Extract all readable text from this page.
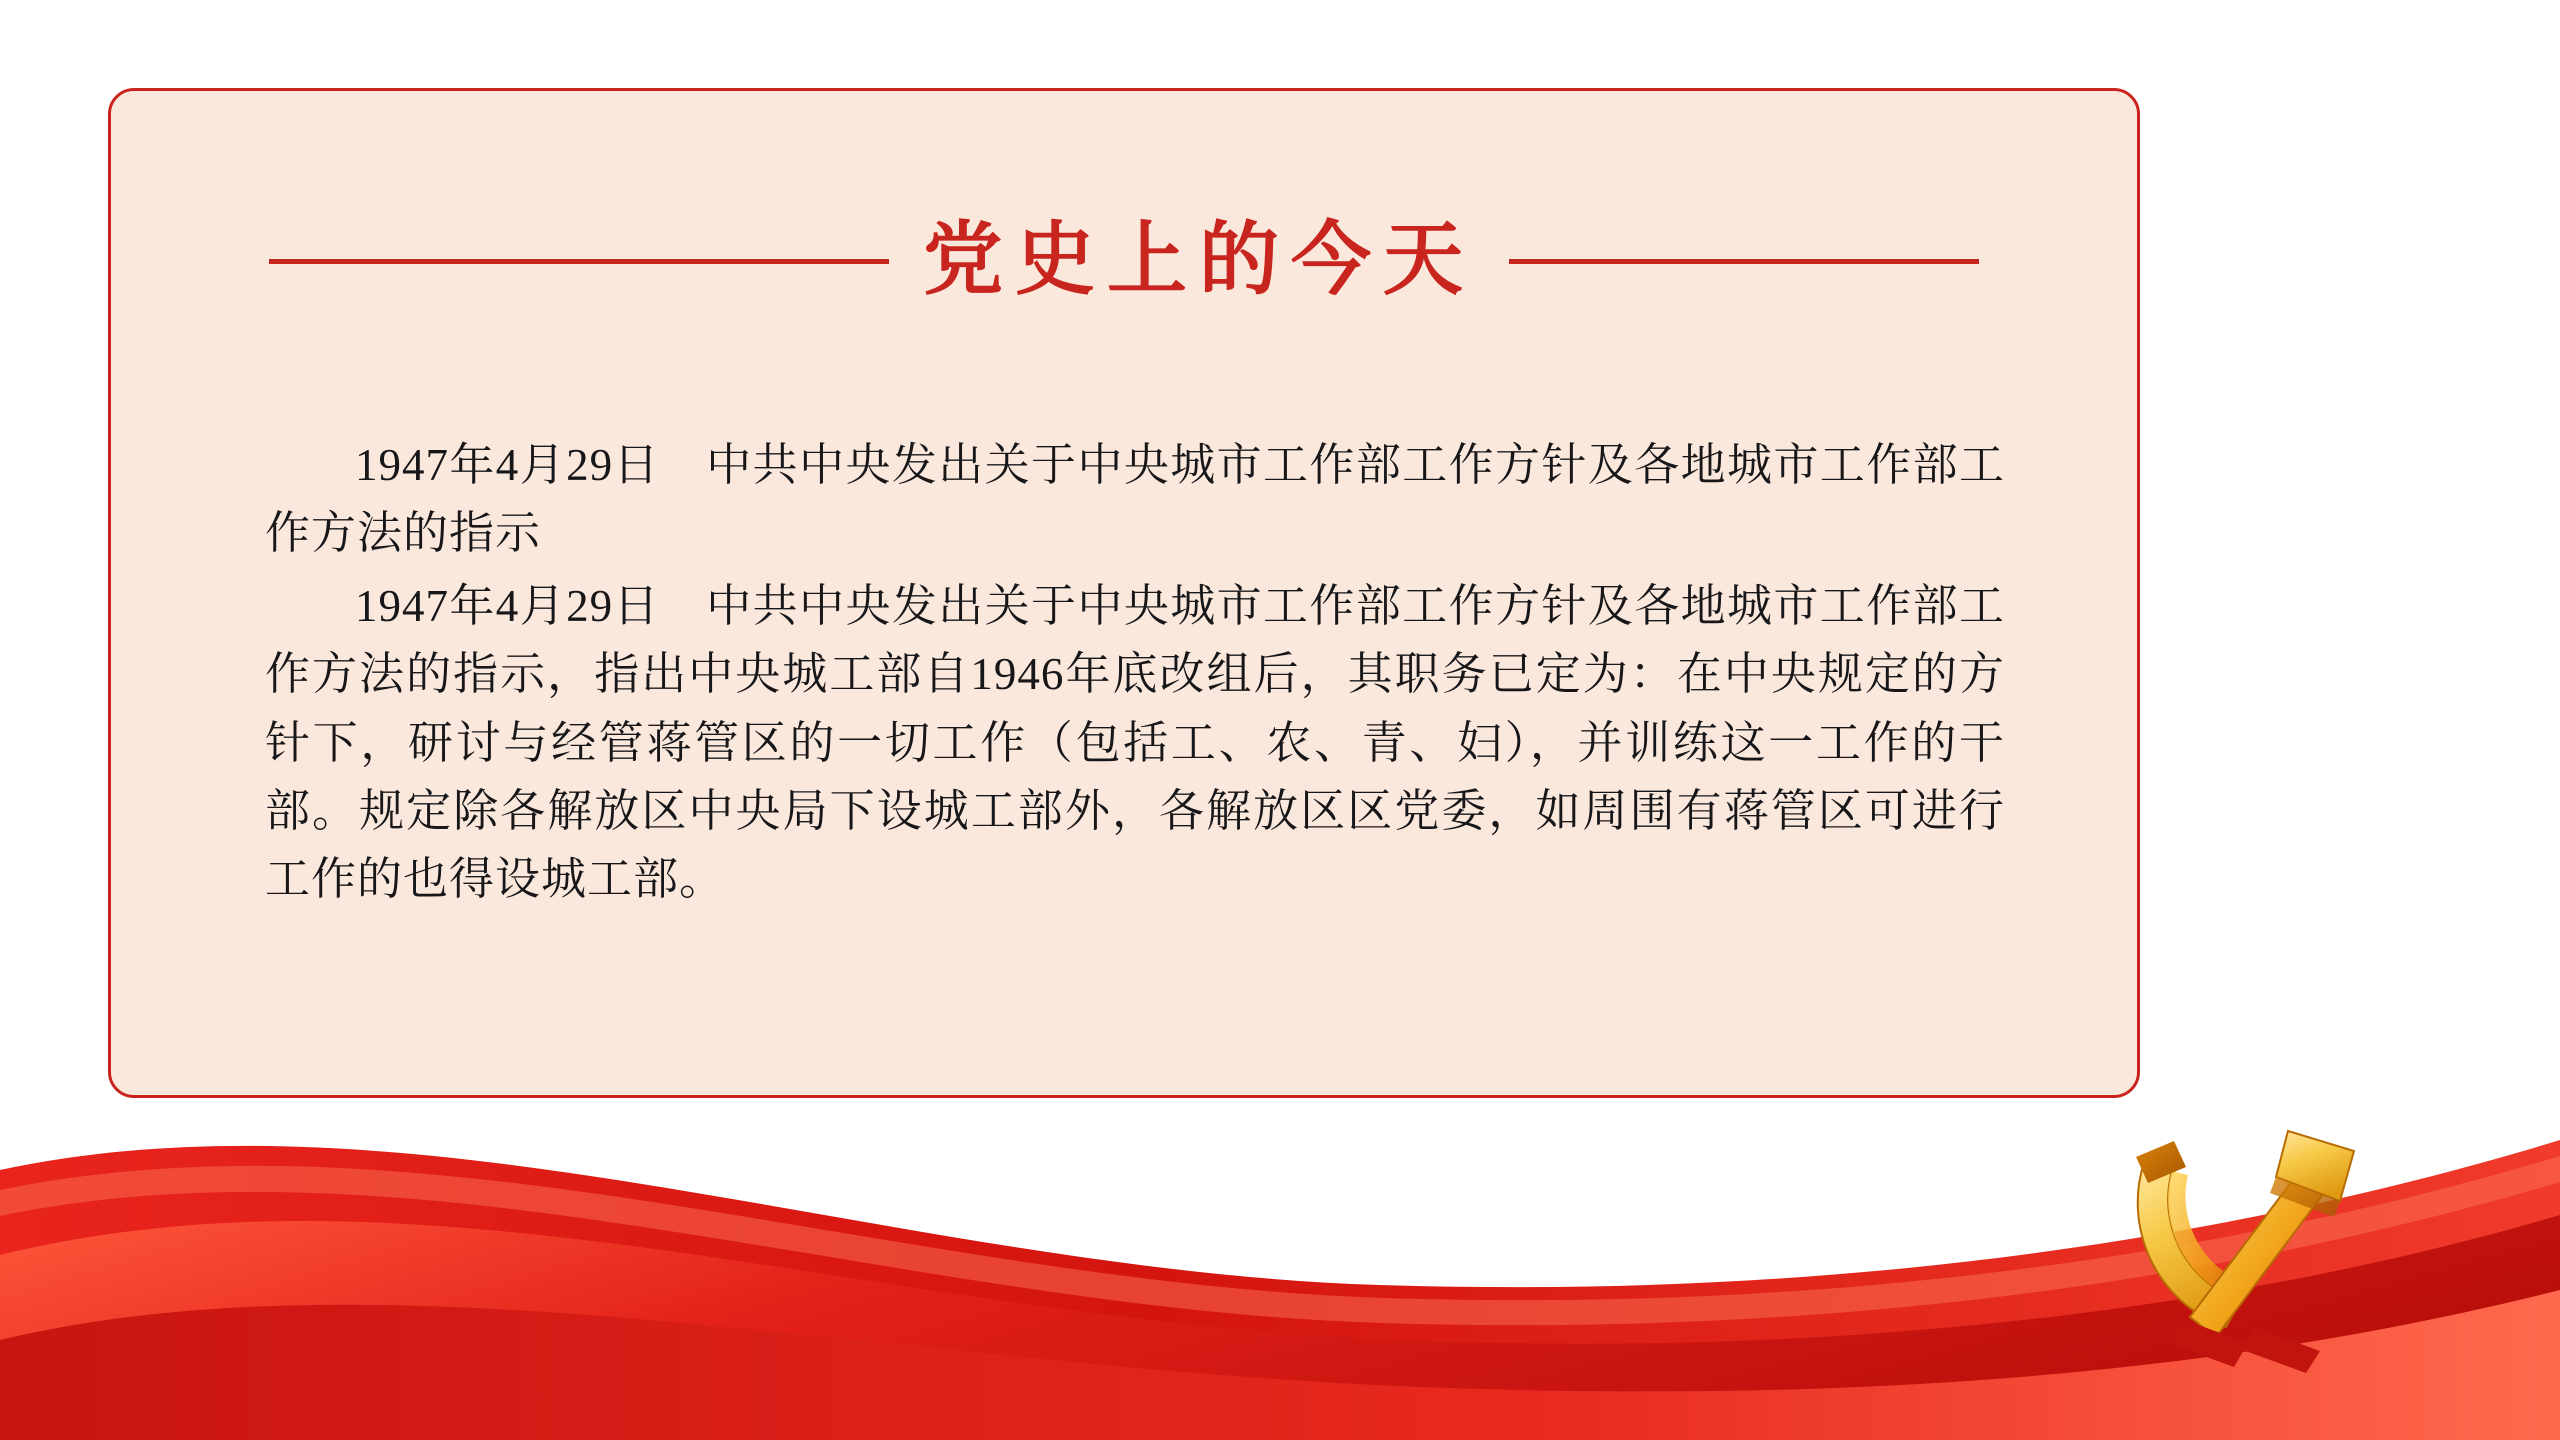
党史上的今天

1947年4月29日　中共中央发出关于中央城市工作部工作方针及各地城市工作部工作方法的指示

1947年4月29日　中共中央发出关于中央城市工作部工作方针及各地城市工作部工作方法的指示，指出中央城工部自1946年底改组后，其职务已定为：在中央规定的方针下，研讨与经管蒋管区的一切工作（包括工、农、青、妇），并训练这一工作的干部。规定除各解放区中央局下设城工部外，各解放区区党委，如周围有蒋管区可进行工作的也得设城工部。
